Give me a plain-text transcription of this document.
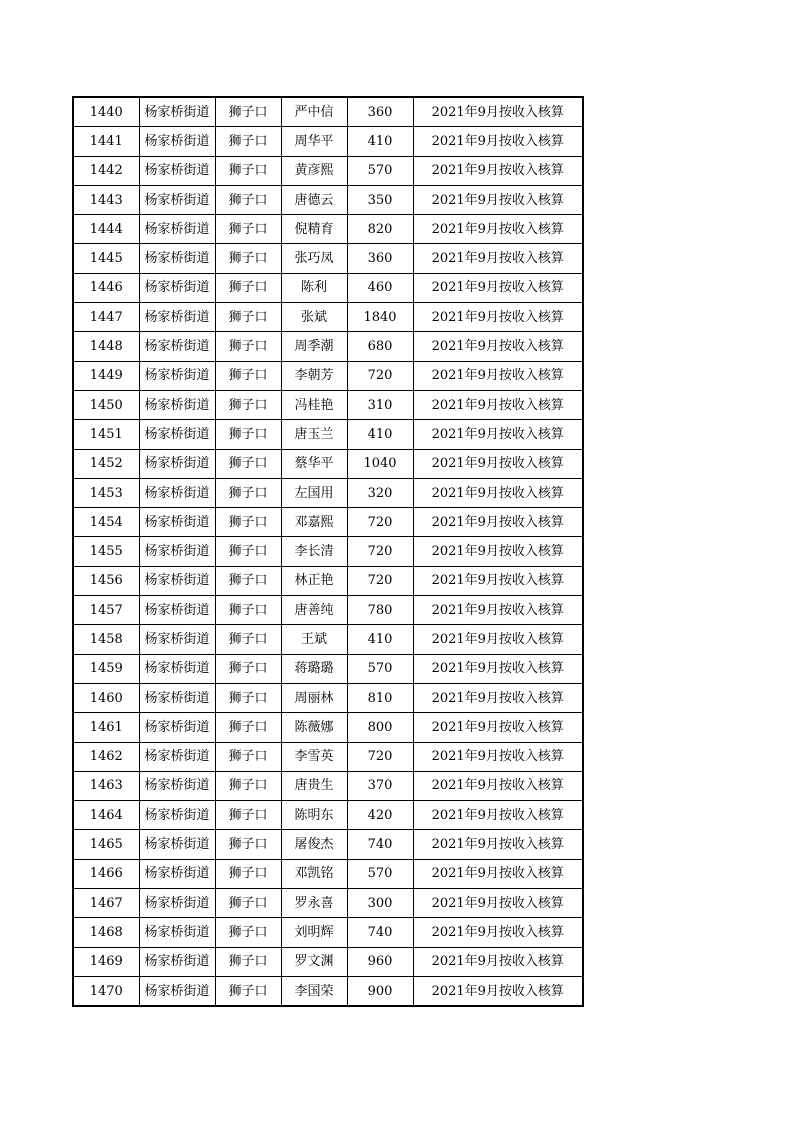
1440	杨家桥街道	狮子口	严中信	360	2021年9月按收入核算
1441	杨家桥街道	狮子口	周华平	410	2021年9月按收入核算
1442	杨家桥街道	狮子口	黄彦熙	570	2021年9月按收入核算
1443	杨家桥街道	狮子口	唐德云	350	2021年9月按收入核算
1444	杨家桥街道	狮子口	倪精育	820	2021年9月按收入核算
1445	杨家桥街道	狮子口	张巧凤	360	2021年9月按收入核算
1446	杨家桥街道	狮子口	陈利	460	2021年9月按收入核算
1447	杨家桥街道	狮子口	张斌	1840	2021年9月按收入核算
1448	杨家桥街道	狮子口	周季潮	680	2021年9月按收入核算
1449	杨家桥街道	狮子口	李朝芳	720	2021年9月按收入核算
1450	杨家桥街道	狮子口	冯桂艳	310	2021年9月按收入核算
1451	杨家桥街道	狮子口	唐玉兰	410	2021年9月按收入核算
1452	杨家桥街道	狮子口	蔡华平	1040	2021年9月按收入核算
1453	杨家桥街道	狮子口	左国用	320	2021年9月按收入核算
1454	杨家桥街道	狮子口	邓嘉熙	720	2021年9月按收入核算
1455	杨家桥街道	狮子口	李长清	720	2021年9月按收入核算
1456	杨家桥街道	狮子口	林正艳	720	2021年9月按收入核算
1457	杨家桥街道	狮子口	唐善纯	780	2021年9月按收入核算
1458	杨家桥街道	狮子口	王斌	410	2021年9月按收入核算
1459	杨家桥街道	狮子口	蒋璐璐	570	2021年9月按收入核算
1460	杨家桥街道	狮子口	周丽林	810	2021年9月按收入核算
1461	杨家桥街道	狮子口	陈薇娜	800	2021年9月按收入核算
1462	杨家桥街道	狮子口	李雪英	720	2021年9月按收入核算
1463	杨家桥街道	狮子口	唐贵生	370	2021年9月按收入核算
1464	杨家桥街道	狮子口	陈明东	420	2021年9月按收入核算
1465	杨家桥街道	狮子口	屠俊杰	740	2021年9月按收入核算
1466	杨家桥街道	狮子口	邓凯铭	570	2021年9月按收入核算
1467	杨家桥街道	狮子口	罗永喜	300	2021年9月按收入核算
1468	杨家桥街道	狮子口	刘明辉	740	2021年9月按收入核算
1469	杨家桥街道	狮子口	罗文渊	960	2021年9月按收入核算
1470	杨家桥街道	狮子口	李国荣	900	2021年9月按收入核算
